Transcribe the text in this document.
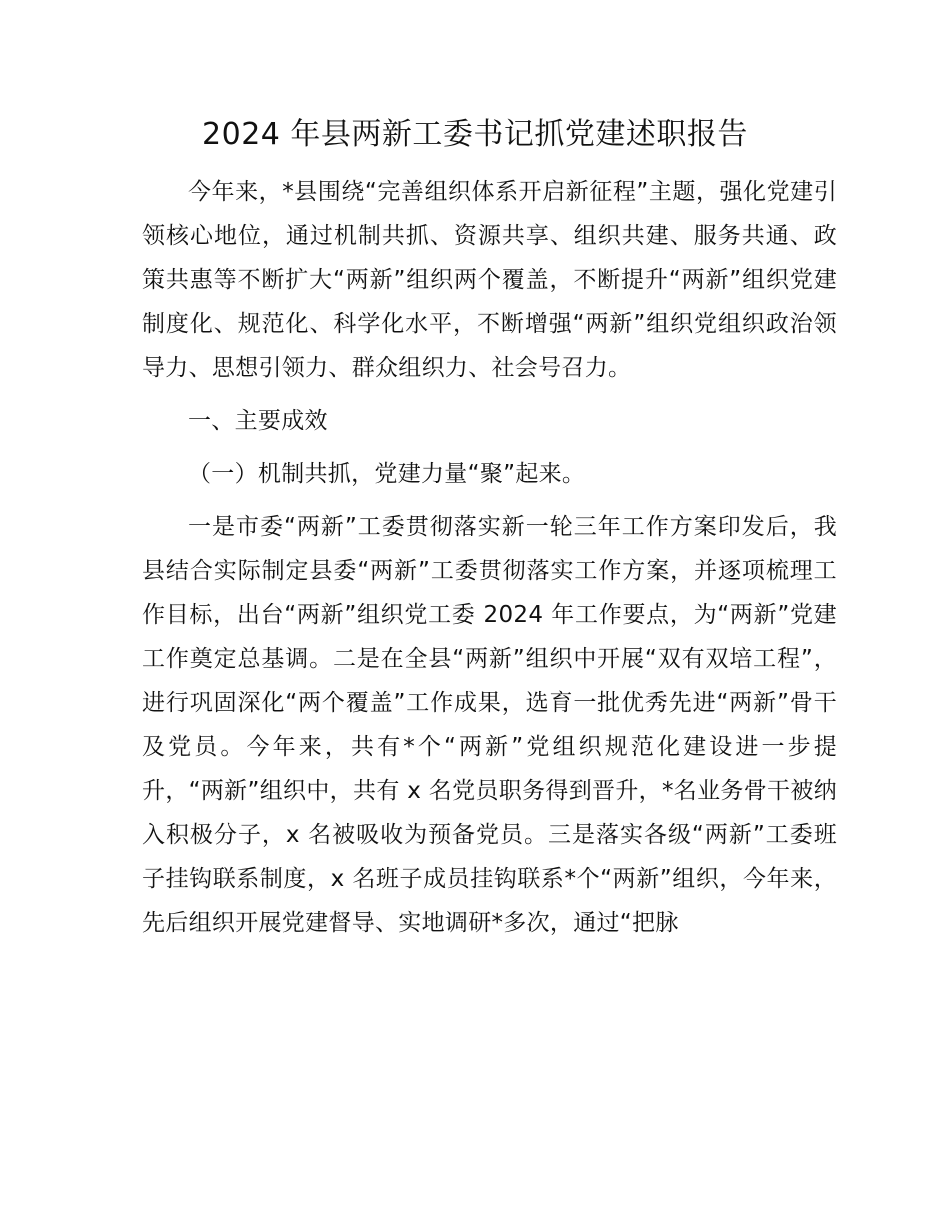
2024 年县两新工委书记抓党建述职报告

今年来，*县围绕“完善组织体系开启新征程”主题，强化党建引领核心地位，通过机制共抓、资源共享、组织共建、服务共通、政策共惠等不断扩大“两新”组织两个覆盖，不断提升“两新”组织党建制度化、规范化、科学化水平，不断增强“两新”组织党组织政治领导力、思想引领力、群众组织力、社会号召力。

一、主要成效

（一）机制共抓，党建力量“聚”起来。

一是市委“两新”工委贯彻落实新一轮三年工作方案印发后，我县结合实际制定县委“两新”工委贯彻落实工作方案，并逐项梳理工作目标，出台“两新”组织党工委 2024 年工作要点，为“两新”党建工作奠定总基调。二是在全县“两新”组织中开展“双有双培工程”，进行巩固深化“两个覆盖”工作成果，选育一批优秀先进“两新”骨干及党员。今年来，共有*个“两新”党组织规范化建设进一步提升，“两新”组织中，共有 x 名党员职务得到晋升，*名业务骨干被纳入积极分子，x 名被吸收为预备党员。三是落实各级“两新”工委班子挂钩联系制度，x 名班子成员挂钩联系*个“两新”组织，今年来，先后组织开展党建督导、实地调研*多次，通过“把脉
